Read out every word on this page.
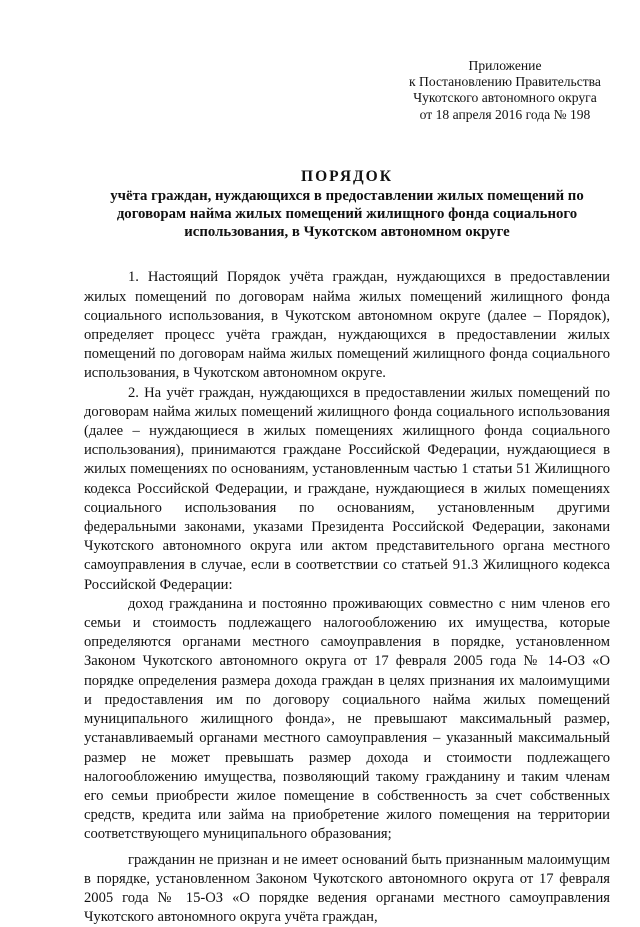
Приложение
к Постановлению Правительства
Чукотского автономного округа
от 18 апреля 2016 года № 198
ПОРЯДОК
учёта граждан, нуждающихся в предоставлении жилых помещений по договорам найма жилых помещений жилищного фонда социального использования, в Чукотском автономном округе

1. Настоящий Порядок учёта граждан, нуждающихся в предоставлении жилых помещений по договорам найма жилых помещений жилищного фонда социального использования, в Чукотском автономном округе (далее – Порядок), определяет процесс учёта граждан, нуждающихся в предоставлении жилых помещений по договорам найма жилых помещений жилищного фонда социального использования, в Чукотском автономном округе.

2. На учёт граждан, нуждающихся в предоставлении жилых помещений по договорам найма жилых помещений жилищного фонда социального использования (далее – нуждающиеся в жилых помещениях жилищного фонда социального использования), принимаются граждане Российской Федерации, нуждающиеся в жилых помещениях по основаниям, установленным частью 1 статьи 51 Жилищного кодекса Российской Федерации, и граждане, нуждающиеся в жилых помещениях социального использования по основаниям, установленным другими федеральными законами, указами Президента Российской Федерации, законами Чукотского автономного округа или актом представительного органа местного самоуправления в случае, если в соответствии со статьей 91.3 Жилищного кодекса Российской Федерации:

доход гражданина и постоянно проживающих совместно с ним членов его семьи и стоимость подлежащего налогообложению их имущества, которые определяются органами местного самоуправления в порядке, установленном Законом Чукотского автономного округа от 17 февраля 2005 года № 14-ОЗ «О порядке определения размера дохода граждан в целях признания их малоимущими и предоставления им по договору социального найма жилых помещений муниципального жилищного фонда», не превышают максимальный размер, устанавливаемый органами местного самоуправления – указанный максимальный размер не может превышать размер дохода и стоимости подлежащего налогообложению имущества, позволяющий такому гражданину и таким членам его семьи приобрести жилое помещение в собственность за счет собственных средств, кредита или займа на приобретение жилого помещения на территории соответствующего муниципального образования;

гражданин не признан и не имеет оснований быть признанным малоимущим в порядке, установленном Законом Чукотского автономного округа от 17 февраля 2005 года № 15-ОЗ «О порядке ведения органами местного самоуправления Чукотского автономного округа учёта граждан,
